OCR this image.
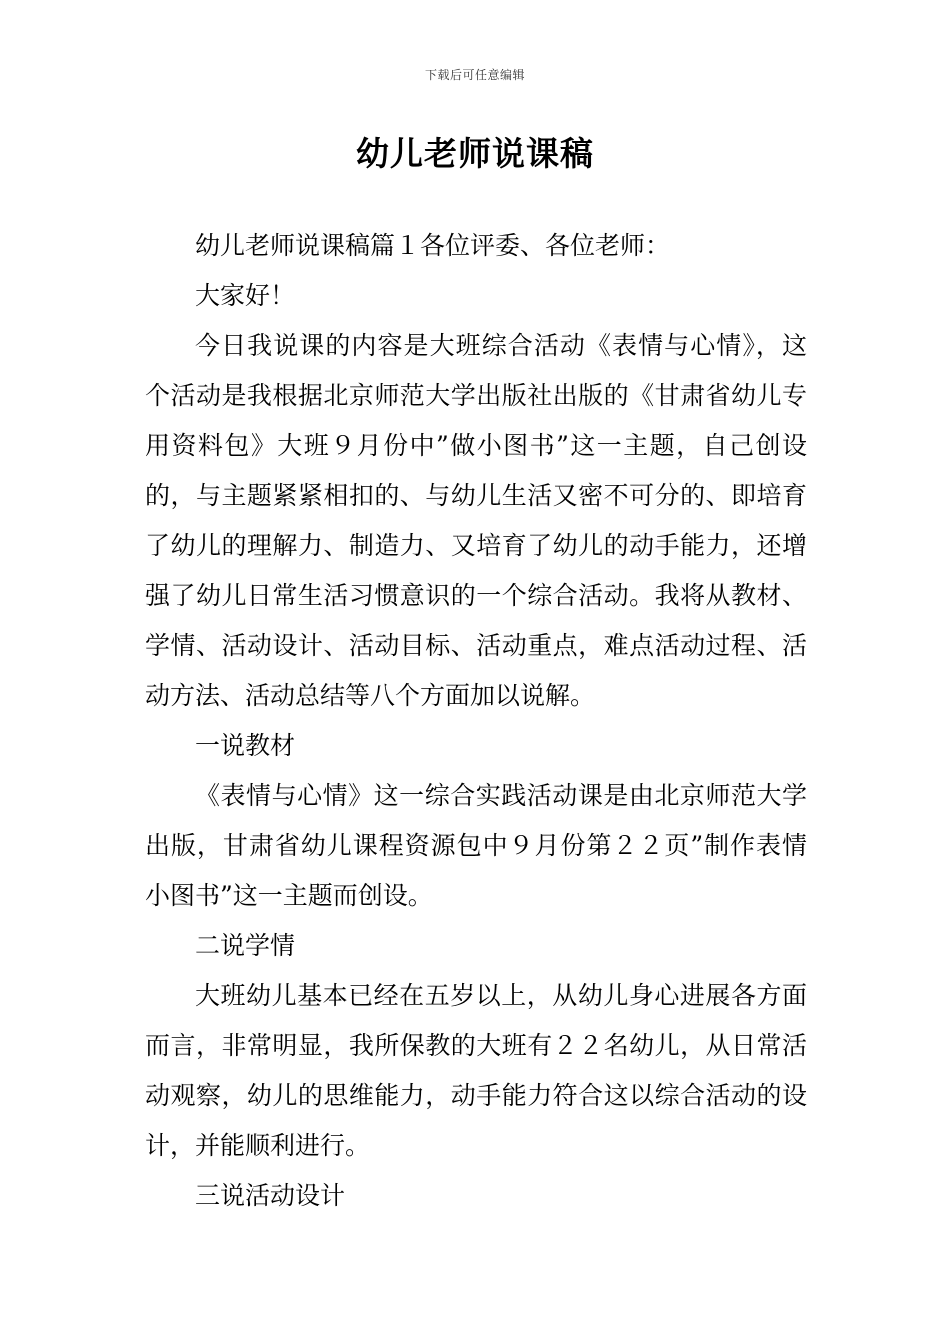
下载后可任意编辑
幼儿老师说课稿

幼儿老师说课稿篇１各位评委、各位老师：

大家好！

今日我说课的内容是大班综合活动《表情与心情》，这个活动是我根据北京师范大学出版社出版的《甘肃省幼儿专用资料包》大班９月份中”做小图书”这一主题，自己创设的，与主题紧紧相扣的、与幼儿生活又密不可分的、即培育了幼儿的理解力、制造力、又培育了幼儿的动手能力，还增强了幼儿日常生活习惯意识的一个综合活动。我将从教材、学情、活动设计、活动目标、活动重点，难点活动过程、活动方法、活动总结等八个方面加以说解。

一说教材

《表情与心情》这一综合实践活动课是由北京师范大学出版，甘肃省幼儿课程资源包中９月份第２２页”制作表情小图书”这一主题而创设。

二说学情

大班幼儿基本已经在五岁以上，从幼儿身心进展各方面而言，非常明显，我所保教的大班有２２名幼儿，从日常活动观察，幼儿的思维能力，动手能力符合这以综合活动的设计，并能顺利进行。

三说活动设计
